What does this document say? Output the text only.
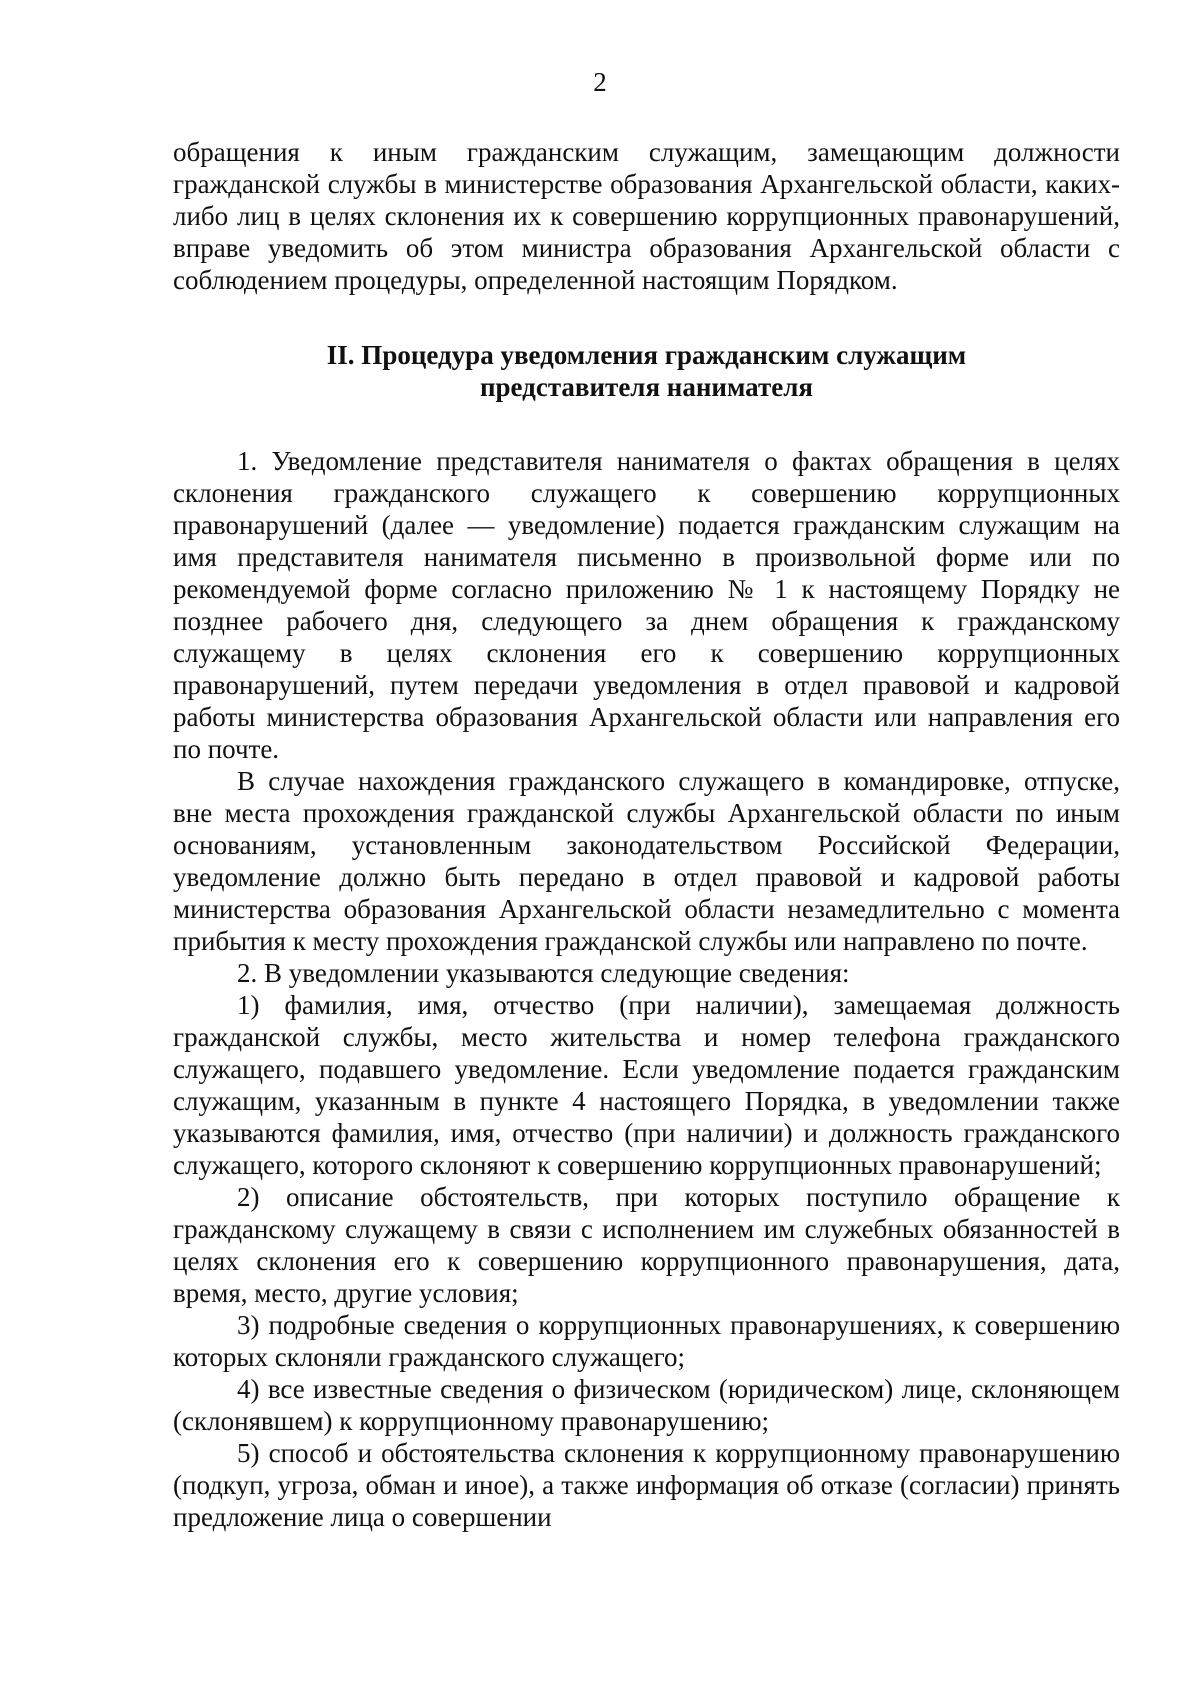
2

обращения к иным гражданским служащим, замещающим должности гражданской службы в министерстве образования Архангельской области, каких-либо лиц в целях склонения их к совершению коррупционных правонарушений, вправе уведомить об этом министра образования Архангельской области с соблюдением процедуры, определенной настоящим Порядком.

II. Процедура уведомления гражданским служащим
представителя нанимателя

1. Уведомление представителя нанимателя о фактах обращения в целях склонения гражданского служащего к совершению коррупционных правонарушений (далее — уведомление) подается гражданским служащим на имя представителя нанимателя письменно в произвольной форме или по рекомендуемой форме согласно приложению № 1 к настоящему Порядку не позднее рабочего дня, следующего за днем обращения к гражданскому служащему в целях склонения его к совершению коррупционных правонарушений, путем передачи уведомления в отдел правовой и кадровой работы министерства образования Архангельской области или направления его по почте.

В случае нахождения гражданского служащего в командировке, отпуске, вне места прохождения гражданской службы Архангельской области по иным основаниям, установленным законодательством Российской Федерации, уведомление должно быть передано в отдел правовой и кадровой работы министерства образования Архангельской области незамедлительно с момента прибытия к месту прохождения гражданской службы или направлено по почте.

2. В уведомлении указываются следующие сведения:

1) фамилия, имя, отчество (при наличии), замещаемая должность гражданской службы, место жительства и номер телефона гражданского служащего, подавшего уведомление. Если уведомление подается гражданским служащим, указанным в пункте 4 настоящего Порядка, в уведомлении также указываются фамилия, имя, отчество (при наличии) и должность гражданского служащего, которого склоняют к совершению коррупционных правонарушений;

2) описание обстоятельств, при которых поступило обращение к гражданскому служащему в связи с исполнением им служебных обязанностей в целях склонения его к совершению коррупционного правонарушения, дата, время, место, другие условия;

3) подробные сведения о коррупционных правонарушениях, к совершению которых склоняли гражданского служащего;

4) все известные сведения о физическом (юридическом) лице, склоняющем (склонявшем) к коррупционному правонарушению;

5) способ и обстоятельства склонения к коррупционному правонарушению (подкуп, угроза, обман и иное), а также информация об отказе (согласии) принять предложение лица о совершении
